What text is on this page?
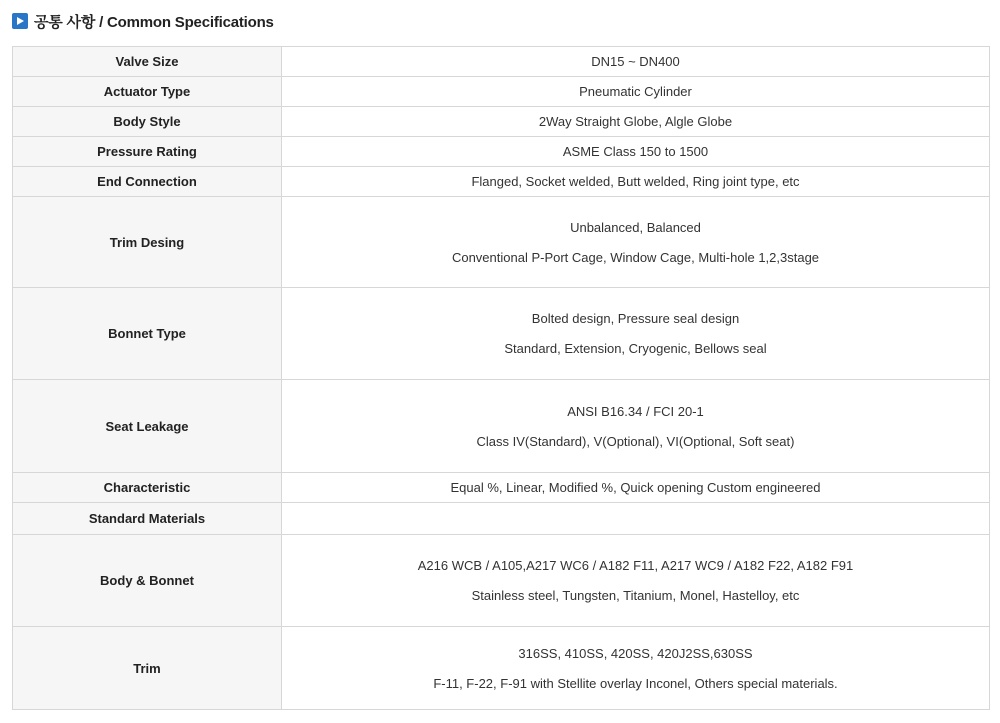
공통 사항 / Common Specifications
Valve Size	DN15 ~ DN400

Actuator Type	Pneumatic Cylinder

Body Style	2Way Straight Globe, Algle Globe

Pressure Rating	ASME Class 150 to 1500

End Connection	Flanged, Socket welded, Butt welded, Ring joint type, etc

Trim Desing	Unbalanced, Balanced
Conventional P-Port Cage, Window Cage, Multi-hole 1,2,3stage

Bonnet Type	Bolted design, Pressure seal design
Standard, Extension, Cryogenic, Bellows seal

Seat Leakage	ANSI B16.34 / FCI 20-1
Class IV(Standard), V(Optional), VI(Optional, Soft seat)

Characteristic	Equal %, Linear, Modified %, Quick opening Custom engineered

Standard Materials	

Body & Bonnet	A216 WCB / A105,A217 WC6 / A182 F11, A217 WC9 / A182 F22, A182 F91
Stainless steel, Tungsten, Titanium, Monel, Hastelloy, etc

Trim	316SS, 410SS, 420SS, 420J2SS,630SS
F-11, F-22, F-91 with Stellite overlay Inconel, Others special materials.
